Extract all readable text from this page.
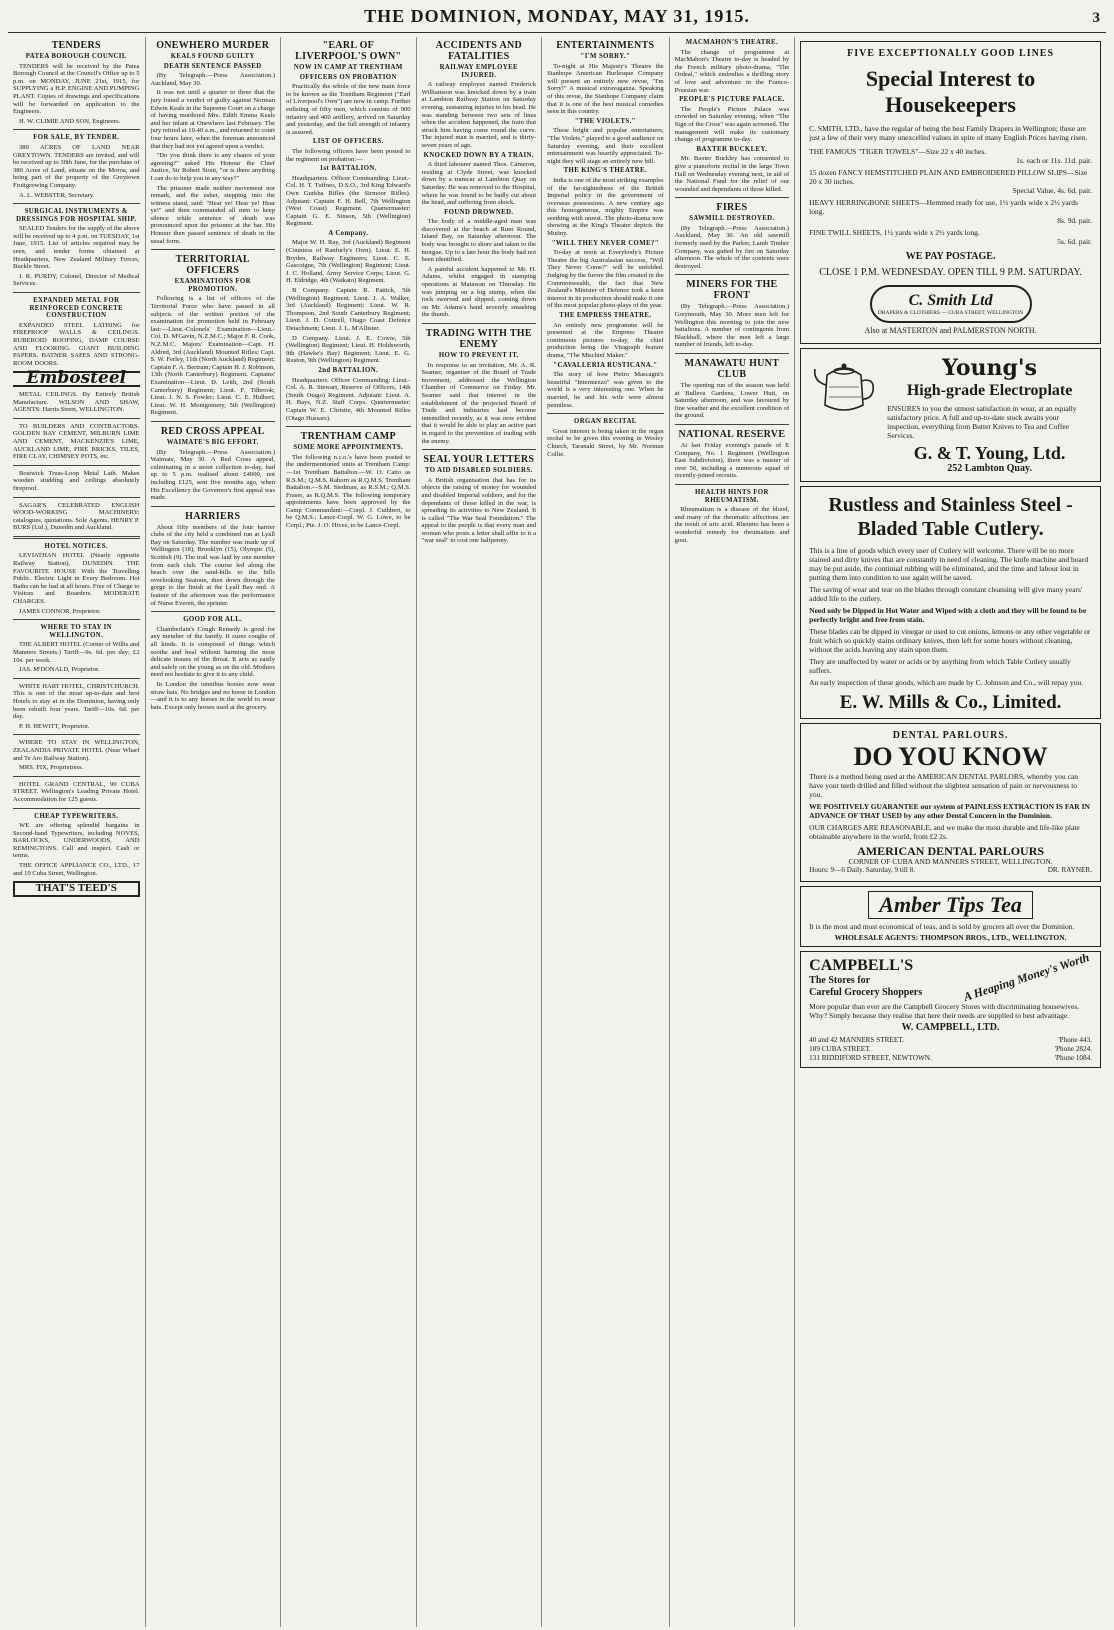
THE DOMINION, MONDAY, MAY 31, 1915.	3
TENDERS
PATEA BOROUGH COUNCIL

TENDERS will be received by the Patea Borough Council at the Council's Office up to 5 p.m. on MONDAY, JUNE 21st, 1915, for SUPPLYING a H.P. ENGINE AND PUMPING PLANT. Copies of drawings and specifications will be forwarded on application to the Engineers.

H. W. CLIMIE AND SON, Engineers.

FOR SALE, BY TENDER.

380 ACRES OF LAND NEAR GREYTOWN. TENDERS are invited, and will be received up to 30th June, for the purchase of 380 Acres of Land, situate on the Moroa, and being part of the property of the Greytown Fruitgrowing Company.

A. L. WEBSTER, Secretary.

SURGICAL INSTRUMENTS & DRESSINGS FOR HOSPITAL SHIP.

SEALED Tenders for the supply of the above will be received up to 4 p.m. on TUESDAY, 1st June, 1915. List of articles required may be seen, and tender forms obtained at Headquarters, New Zealand Military Forces, Buckle Street.

J. R. PURDY, Colonel, Director of Medical Services.

EXPANDED METAL FOR REINFORCED CONCRETE CONSTRUCTION

EXPANDED STEEL LATHING for FIREPROOF WALLS & CEILINGS. RUBEROID ROOFING, DAMP COURSE AND FLOORING. GIANT BUILDING PAPERS. BATNER SAFES AND STRONG-ROOM DOORS.

Embosteel

METAL CEILINGS. By Entirely British Manufacture. WILSON AND SHAW, AGENTS: Harris Street, WELLINGTON.

TO BUILDERS AND CONTRACTORS. GOLDEN BAY CEMENT, MILBURN LIME AND CEMENT, MACKENZIE'S LIME, AUCKLAND LIME, FIRE BRICKS, TILES, FIRE CLAY, CHIMNEY POTS, etc.

Bostwick Truss-Loop Metal Lath. Makes wooden studding and ceilings absolutely fireproof.

SAGAR'S CELEBRATED ENGLISH WOOD-WORKING MACHINERY; catalogues, quotations. Sole Agents, HENRY P. BURS (Ltd.), Dunedin and Auckland.

HOTEL NOTICES.

LEVIATHAN HOTEL (Nearly opposite Railway Station), DUNEDIN. THE FAVOURITE HOUSE With the Travelling Public. Electric Light in Every Bedroom. Hot Baths can be had at all hours. Free of Charge to Visitors and Boarders. MODERATE CHARGES.

JAMES CONNOR, Proprietor.

WHERE TO STAY IN WELLINGTON.

THE ALBERT HOTEL (Corner of Willis and Manners Streets.) Tariff—9s. 6d. per day; £2 10s. per week.

JAS. M'DONALD, Proprietor.

WHITE HART HOTEL, CHRISTCHURCH. This is one of the most up-to-date and best Hotels to stay at in the Dominion, having only been rebuilt four years. Tariff—10s. 6d. per day.

P. H. HEWITT, Proprietor.

WHERE TO STAY IN WELLINGTON, ZEALANDIA PRIVATE HOTEL (Near Wharf and Te Aro Railway Station).

MRS. FIX, Proprietress.

HOTEL GRAND CENTRAL, 90 CUBA STREET. Wellington's Leading Private Hotel. Accommodation for 125 guests.

CHEAP TYPEWRITERS.

WE are offering splendid bargains in Second-hand Typewriters, including NOVES, BARLOCKS, UNDERWOODS, AND REMINGTONS. Call and inspect. Cash or terms.

THE OFFICE APPLIANCE CO., LTD., 17 and 19 Cuba Street, Wellington.

THAT'S TEED'S
ONEWHERO MURDER
KEALS FOUND GUILTY
DEATH SENTENCE PASSED

(By Telegraph.—Press Association.) Auckland, May 30.

It was not until a quarter to three that the jury found a verdict of guilty against Norman Edwin Keals in the Supreme Court on a charge of having murdered Mrs. Edith Emma Keals and her infant at Onewhero last February. The jury retired at 10.40 a.m., and returned to court four hours later, when the foreman announced that they had not yet agreed upon a verdict.

"Do you think there is any chance of your agreeing?" asked His Honour the Chief Justice, Sir Robert Stout, "or is there anything I can do to help you in any way?"

The prisoner made neither movement nor remark, and the usher, stepping into the witness stand, said: "Hear ye! Hear ye! Hear ye!" and then commanded all men to keep silence while sentence of death was pronounced upon the prisoner at the bar. His Honour then passed sentence of death in the usual form.

TERRITORIAL OFFICERS
EXAMINATIONS FOR PROMOTION.

Following is a list of officers of the Territorial Force who have passed in all subjects of the written portion of the examination for promotion held in February last:—Lieut.-Colonels' Examination—Lieut.-Col. D. M'Gavin, N.Z.M.C.; Major F. R. Cook, N.Z.M.C. Majors' Examination—Capt. H. Aldred, 3rd (Auckland) Mounted Rifles; Capt. S. W. Ferley, 11th (North Auckland) Regiment; Captain F. A. Bertram; Captain H. J. Robinson, 13th (North Canterbury) Regiment. Captains' Examination—Lieut. D. Leith, 2nd (South Canterbury) Regiment; Lieut. F. Tilbrook; Lieut. J. N. S. Fowler; Lieut. C. E. Hulbert; Lieut. W. H. Montgomery, 5th (Wellington) Regiment.

RED CROSS APPEAL
WAIMATE'S BIG EFFORT.

(By Telegraph.—Press Association.) Waimate, May 30. A Red Cross appeal, culminating in a street collection to-day, had up to 5 p.m. realised about £4000, not including £125, sent five months ago, when His Excellency the Governor's first appeal was made.

HARRIERS

About fifty members of the four harrier clubs of the city held a combined run at Lyall Bay on Saturday. The number was made up of Wellington (18), Brooklyn (15), Olympic (5), Scottish (9). The trail was laid by one member from each club. The course led along the beach over the sand-hills to the hills overlooking Seatoun, then down through the gorge to the finish at the Lyall Bay end. A feature of the afternoon was the performance of Nurse Everett, the sprinter.

GOOD FOR ALL.

Chamberlain's Cough Remedy is good for any member of the family. It cures coughs of all kinds. It is composed of things which soothe and heal without harming the most delicate tissues of the throat. It acts as easily and safely on the young as on the old. Mothers need not hesitate to give it to any child.

In London the omnibus horses now wear straw hats. No bridges and no horse in London—and it is to any horses in the world to wear hats. Except only horses used at the grocery.

"EARL OF LIVERPOOL'S OWN"
NOW IN CAMP AT TRENTHAM
OFFICERS ON PROBATION

Practically the whole of the new main force to be known as the Trentham Regiment ("Earl of Liverpool's Own") are now in camp. Further enlisting of fifty men, which consists of 900 infantry and 400 artillery, arrived on Saturday and yesterday, and the full strength of infantry is assured.

LIST OF OFFICERS.

The following officers have been posted to the regiment on probation:—

1st BATTALION.

Headquarters. Officer Commanding: Lieut.-Col. H. T. Tuffnes, D.S.O., 3rd King Edward's Own Gurkha Rifles (the Sirmoor Rifles). Adjutant: Captain F. H. Bell, 7th Wellington (West Coast) Regiment. Quartermaster: Captain G. E. Sinson, 5th (Wellington) Regiment.

A Company.

Major W. H. Ray, 3rd (Auckland) Regiment (Countess of Ranfurly's Own). Lieut. E. H. Bryden, Railway Engineers; Lieut. C. E. Gascoigne, 7th (Wellington) Regiment; Lieut. J. C. Holland, Army Service Corps; Lieut. G. H. Eldridge, 4th (Waikato) Regiment.

B Company. Captain R. Pattick, 5th (Wellington) Regiment. Lieut. J. A. Walker, 3rd (Auckland) Regiment; Lieut. W. R. Thompson, 2nd South Canterbury Regiment; Lieut. J. D. Cottrell, Otago Coast Defence Detachment; Lieut. J. L. M'Allister.

D Company. Lieut. J. E. Cowie, 5th (Wellington) Regiment; Lieut. H. Holdsworth, 9th (Hawke's Bay) Regiment; Lieut. E. G. Ruston, 9th (Wellington) Regiment.

2nd BATTALION.

Headquarters. Officer Commanding: Lieut.-Col. A. R. Stewart, Reserve of Officers, 14th (South Otago) Regiment. Adjutant: Lieut. A. H. Bays, N.Z. Staff Corps. Quartermaster: Captain W. E. Christie, 4th Mounted Rifles (Otago Hussars).

TRENTHAM CAMP
SOME MORE APPOINTMENTS.

The following n.c.o.'s have been posted to the undermentioned units at Trentham Camp:—1st Trentham Battalion.—W. O. Catto as R.S.M.; Q.M.S. Rahorn as R.Q.M.S. Trentham Battalion.—S.M. Stedman, as R.S.M.; Q.M.S. Fraser, as R.Q.M.S. The following temporary appointments have been approved by the Camp Commandant:—Corpl. J. Cuthbert, to be Q.M.S.; Lance-Corpl. W. G. Lowe, to be Corpl.; Pte. J. O. Hives, to be Lance-Corpl.

ACCIDENTS AND FATALITIES
RAILWAY EMPLOYEE INJURED.

A railway employee named Frederick Williamson was knocked down by a train at Lambton Railway Station on Saturday evening, sustaining injuries to his head. He was standing between two sets of lines when the accident happened, the train that struck him having come round the curve. The injured man is married, and is thirty-seven years of age.

KNOCKED DOWN BY A TRAIN.

A third labourer named Thos. Cameron, residing at Clyde Street, was knocked down by a tramcar at Lambton Quay on Saturday. He was removed to the Hospital, where he was found to be badly cut about the head, and suffering from shock.

FOUND DROWNED.

The body of a middle-aged man was discovered at the beach at Rum Round, Island Bay, on Saturday afternoon. The body was brought to shore and taken to the morgue. Up to a late hour the body had not been identified.

A painful accident happened to Mr. H. Adams, whilst engaged in stamping operations at Matawan on Thursday. He was jumping on a big stump, when the rock swerved and slipped, coming down on Mr. Adams's hand severely smashing the thumb.

TRADING WITH THE ENEMY
HOW TO PREVENT IT.

In response to an invitation, Mr. A. R. Seamer, organiser of the Board of Trade movement, addressed the Wellington Chamber of Commerce on Friday. Mr. Seamer said that interest in the establishment of the projected Board of Trade and industries had become intensified recently, as it was now evident that it would be able to play an active part in regard to the prevention of trading with the enemy.

SEAL YOUR LETTERS
TO AID DISABLED SOLDIERS.

A British organisation that has for its objects the raising of money for wounded and disabled Imperial soldiers, and for the dependants of those killed in the war, is spreading its activities to New Zealand. It is called "The War Seal Foundation." The appeal to the people is that every man and woman who posts a letter shall affix to it a "war seal" to cost one halfpenny.

ENTERTAINMENTS
"I'M SORRY."

To-night at His Majesty's Theatre the Stanhope American Burlesque Company will present an entirely new revue, "I'm Sorry!" A musical extravaganza. Speaking of this revue, the Stanhope Company claim that it is one of the best musical comedies seen in this country.

"THE VIOLETS."

These bright and popular entertainers, "The Violets," played to a good audience on Saturday evening, and their excellent entertainment was heartily appreciated. To-night they will stage an entirely new bill.

THE KING'S THEATRE.

India is one of the most striking examples of the far-sightedness of the British Imperial policy in the government of overseas possessions. A new century ago this homogeneous, mighty Empire was seething with unrest. The photo-drama now showing at the King's Theatre depicts the Mutiny.

"WILL THEY NEVER COME?"

To-day at noon at Everybody's Picture Theatre the big Australasian success, "Will They Never Come?" will be unfolded. Judging by the furore the film created in the Commonwealth, the fact that New Zealand's Minister of Defence took a keen interest in its production should make it one of the most popular photo-plays of the year.

THE EMPRESS THEATRE.

An entirely new programme will be presented at the Empress Theatre continuous pictures to-day, the chief production being the Vitagraph feature drama, "The Mischief Maker."

"CAVALLERIA RUSTICANA."

The story of how Pietro Mascagni's beautiful "Intermezzo" was given to the world is a very interesting one. When he married, he and his wife were almost penniless.

ORGAN RECITAL

Great interest is being taken in the organ recital to be given this evening in Wesley Church, Taranaki Street, by Mr. Norman Collie.

MACMAHON'S THEATRE.

The change of programme at MacMahon's Theatre to-day is headed by the French military photo-drama, "The Ordeal," which embodies a thrilling story of love and adventure in the Franco-Prussian war.

PEOPLE'S PICTURE PALACE.

The People's Picture Palace was crowded on Saturday evening, when "The Sign of the Cross" was again screened. The management will make its customary change of programme to-day.

BAXTER BUCKLEY.

Mr. Baxter Buckley has consented to give a pianoforte recital in the large Town Hall on Wednesday evening next, in aid of the National Fund for the relief of our wounded and dependants of those killed.

FIRES
SAWMILL DESTROYED.

(By Telegraph.—Press Association.) Auckland, May 30. An old sawmill formerly used by the Parker, Lamb Timber Company, was gutted by fire on Saturday afternoon. The whole of the contents were destroyed.

MINERS FOR THE FRONT

(By Telegraph.—Press Association.) Greymouth, May 30. More men left for Wellington this morning to join the new battalions. A number of contingents from Blackball, where the men left a large number of friends, left to-day.

MANAWATU HUNT CLUB

The opening run of the season was held at Bulleva Gardens, Lower Hutt, on Saturday afternoon, and was favoured by fine weather and the excellent condition of the ground.

NATIONAL RESERVE

At last Friday evening's parade of E Company, No. 1 Regiment (Wellington East Subdivision), there was a muster of over 50, including a numerous squad of recently-joined recruits.

HEALTH HINTS FOR RHEUMATISM.

Rheumatism is a disease of the blood, and many of the rheumatic affections are the result of uric acid. Rheumo has been a wonderful remedy for rheumatism and gout.

FIVE EXCEPTIONALLY GOOD LINES
Special Interest to Housekeepers
C. SMITH, LTD., have the regular of being the best Family Drapers in Wellington; these are just a few of their very many unexcelled values in spite of many English Prices having risen.
THE FAMOUS "TIGER TOWELS"—Size 22 x 40 inches.
1s. each or 11s. 11d. pair.
15 dozen FANCY HEMSTITCHED PLAIN AND EMBROIDERED PILLOW SLIPS—Size 20 x 30 inches.
Special Value, 4s. 6d. pair.
HEAVY HERRINGBONE SHEETS—Hemmed ready for use, 1½ yards wide x 2½ yards long.
8s. 9d. pair.
FINE TWILL SHEETS, 1½ yards wide x 2½ yards long.
5s. 6d. pair.
WE PAY POSTAGE.
CLOSE 1 P.M. WEDNESDAY. OPEN TILL 9 P.M. SATURDAY.
C. Smith Ltd
DRAPERS & CLOTHIERS — CUBA STREET, WELLINGTON
Also at MASTERTON and PALMERSTON NORTH.
Young's
High-grade Electroplate
ENSURES to you the utmost satisfaction in wear, at an equally satisfactory price. A full and up-to-date stock awaits your inspection, everything from Butter Knives to Tea and Coffee Services.
G. & T. Young, Ltd.
252 Lambton Quay.
Rustless and Stainless Steel - Bladed Table Cutlery.
This is a line of goods which every user of Cutlery will welcome. There will be no more stained and dirty knives that are constantly in need of cleaning. The knife machine and board may be put aside, the continual rubbing will be eliminated, and the time and labour lost in putting them into condition to use again will be saved.
The saving of wear and tear on the blades through constant cleansing will give many years' added life to the cutlery.
Need only be Dipped in Hot Water and Wiped with a cloth and they will be found to be perfectly bright and free from stain.
These blades can be dipped in vinegar or used to cut onions, lemons or any other vegetable or fruit which so quickly stains ordinary knives, then left for some hours without cleaning, without the acids leaving any stain upon them.
They are unaffected by water or acids or by anything from which Table Cutlery usually suffers.
An early inspection of these goods, which are made by C. Johnson and Co., will repay you.
E. W. Mills & Co., Limited.
DENTAL PARLOURS.
DO YOU KNOW
There is a method being used at the AMERICAN DENTAL PARLORS, whereby you can have your teeth drilled and filled without the slightest sensation of pain or nervousness to you.
WE POSITIVELY GUARANTEE our system of PAINLESS EXTRACTION IS FAR IN ADVANCE OF THAT USED by any other Dental Concern in the Dominion.
OUR CHARGES ARE REASONABLE, and we make the most durable and life-like plate obtainable anywhere in the world, from £2 2s.
AMERICAN DENTAL PARLOURS
CORNER OF CUBA AND MANNERS STREET, WELLINGTON.
Hours: 9—6 Daily. Saturday, 9 till 8.	DR. RAYNER.
Amber Tips Tea
It is the most and most economical of teas, and is sold by grocers all over the Dominion.
WHOLESALE AGENTS: THOMPSON BROS., LTD., WELLINGTON.
CAMPBELL'S
The Stores for
Careful Grocery Shoppers	A Heaping Money's Worth
More popular than ever are the Campbell Grocery Stores with discriminating housewives. Why? Simply because they realise that here their needs are supplied to best advantage.
W. CAMPBELL, LTD.
40 and 42 MANNERS STREET.	'Phone 443.
189 CUBA STREET.	'Phone 2824.
131 RIDDIFORD STREET, NEWTOWN.	'Phone 1084.
